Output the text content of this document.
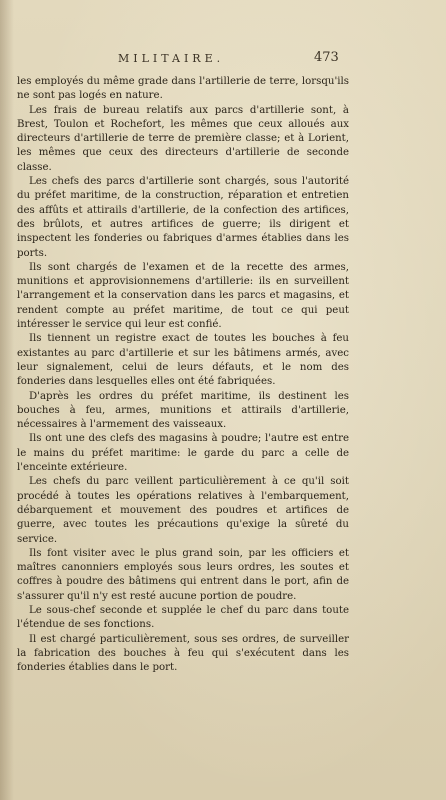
MILITAIRE.	473

les employés du même grade dans l'artillerie de terre, lorsqu'ils ne sont pas logés en nature.

Les frais de bureau relatifs aux parcs d'artillerie sont, à Brest, Toulon et Rochefort, les mêmes que ceux alloués aux directeurs d'artillerie de terre de première classe; et à Lorient, les mêmes que ceux des directeurs d'artillerie de seconde classe.

Les chefs des parcs d'artillerie sont chargés, sous l'autorité du préfet maritime, de la construction, réparation et entretien des affûts et attirails d'artillerie, de la confection des artifices, des brûlots, et autres artifices de guerre; ils dirigent et inspectent les fonderies ou fabriques d'armes établies dans les ports.

Ils sont chargés de l'examen et de la recette des armes, munitions et approvisionnemens d'artillerie: ils en surveillent l'arrangement et la conservation dans les parcs et magasins, et rendent compte au préfet maritime, de tout ce qui peut intéresser le service qui leur est confié.

Ils tiennent un registre exact de toutes les bouches à feu existantes au parc d'artillerie et sur les bâtimens armés, avec leur signalement, celui de leurs défauts, et le nom des fonderies dans lesquelles elles ont été fabriquées.

D'après les ordres du préfet maritime, ils destinent les bouches à feu, armes, munitions et attirails d'artillerie, nécessaires à l'armement des vaisseaux.

Ils ont une des clefs des magasins à poudre; l'autre est entre le mains du préfet maritime: le garde du parc a celle de l'enceinte extérieure.

Les chefs du parc veillent particulièrement à ce qu'il soit procédé à toutes les opérations relatives à l'embarquement, débarquement et mouvement des poudres et artifices de guerre, avec toutes les précautions qu'exige la sûreté du service.

Ils font visiter avec le plus grand soin, par les officiers et maîtres canonniers employés sous leurs ordres, les soutes et coffres à poudre des bâtimens qui entrent dans le port, afin de s'assurer qu'il n'y est resté aucune portion de poudre.

Le sous-chef seconde et supplée le chef du parc dans toute l'étendue de ses fonctions.

Il est chargé particulièrement, sous ses ordres, de surveiller la fabrication des bouches à feu qui s'exécutent dans les fonderies établies dans le port.
